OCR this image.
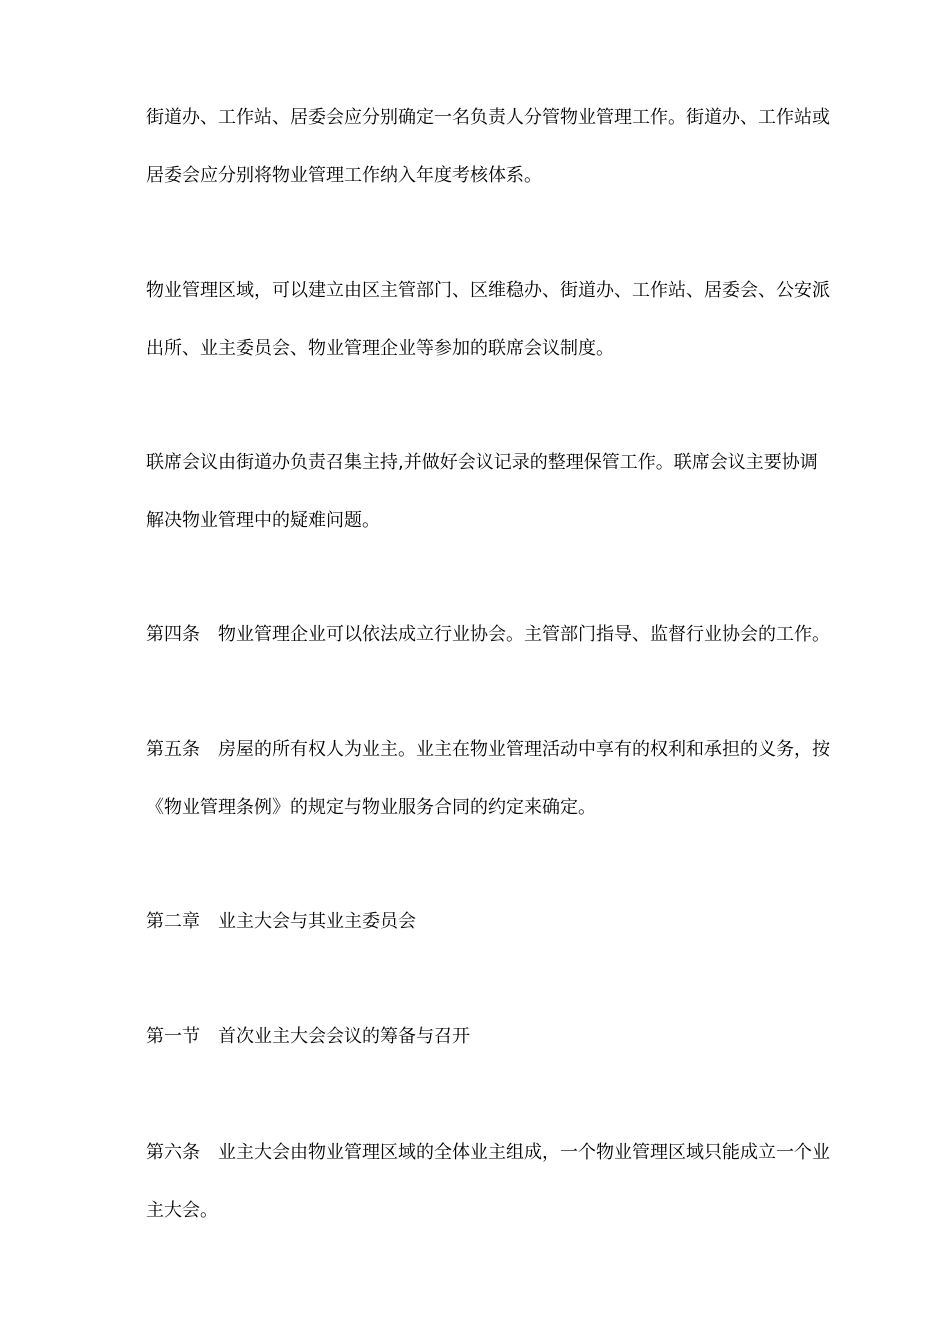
街道办、工作站、居委会应分别确定一名负责人分管物业管理工作。街道办、工作站或
居委会应分别将物业管理工作纳入年度考核体系。
物业管理区域，可以建立由区主管部门、区维稳办、街道办、工作站、居委会、公安派
出所、业主委员会、物业管理企业等参加的联席会议制度。
联席会议由街道办负责召集主持,并做好会议记录的整理保管工作。联席会议主要协调
解决物业管理中的疑难问题。
第四条　物业管理企业可以依法成立行业协会。主管部门指导、监督行业协会的工作。
第五条　房屋的所有权人为业主。业主在物业管理活动中享有的权利和承担的义务，按
《物业管理条例》的规定与物业服务合同的约定来确定。
第二章　业主大会与其业主委员会
第一节　首次业主大会会议的筹备与召开
第六条　业主大会由物业管理区域的全体业主组成，一个物业管理区域只能成立一个业
主大会。
